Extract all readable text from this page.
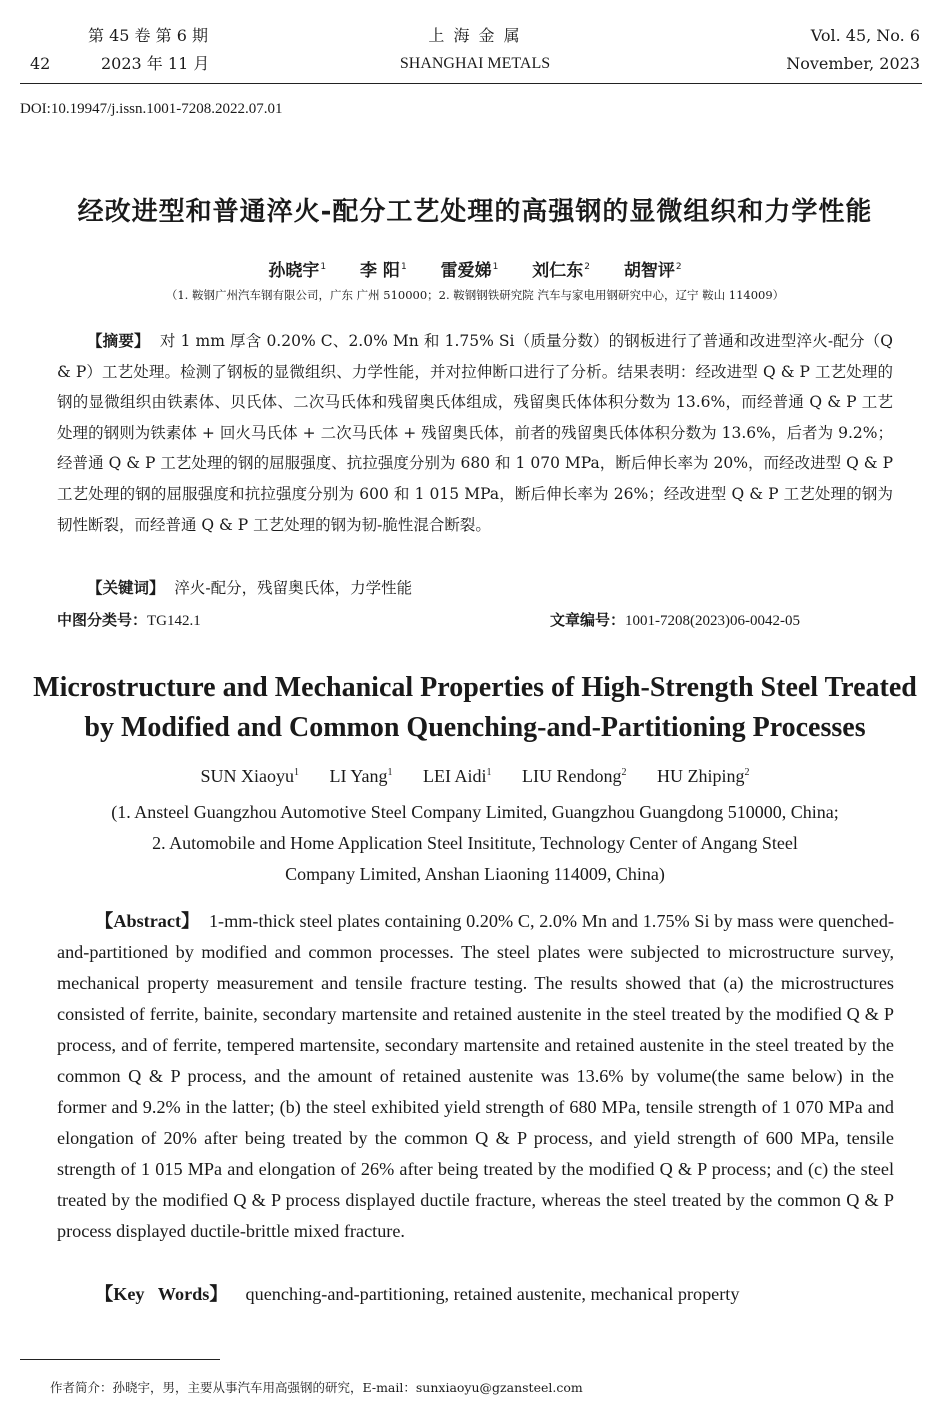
第 45 卷 第 6 期
42	2023 年 11 月
上 海 金 属
SHANGHAI METALS
Vol. 45, No. 6
November, 2023
DOI:10.19947/j.issn.1001-7208.2022.07.01
经改进型和普通淬火-配分工艺处理的高强钢的显微组织和力学性能
孙晓宇$^1$ 李 阳$^1$ 雷爱娣$^1$ 刘仁东$^2$ 胡智评$^2$
（1. 鞍钢广州汽车钢有限公司，广东 广州 510000；2. 鞍钢钢铁研究院 汽车与家电用钢研究中心，辽宁 鞍山 114009）
【摘要】 对 1 mm 厚含 0.20% C、2.0% Mn 和 1.75% Si（质量分数）的钢板进行了普通和改进型淬火-配分（Q & P）工艺处理。检测了钢板的显微组织、力学性能，并对拉伸断口进行了分析。结果表明：经改进型 Q & P 工艺处理的钢的显微组织由铁素体、贝氏体、二次马氏体和残留奥氏体组成，残留奥氏体体积分数为 13.6%，而经普通 Q & P 工艺处理的钢则为铁素体 + 回火马氏体 + 二次马氏体 + 残留奥氏体，前者的残留奥氏体体积分数为 13.6%，后者为 9.2%；经普通 Q & P 工艺处理的钢的屈服强度、抗拉强度分别为 680 和 1 070 MPa，断后伸长率为 20%，而经改进型 Q & P 工艺处理的钢的屈服强度和抗拉强度分别为 600 和 1 015 MPa，断后伸长率为 26%；经改进型 Q & P 工艺处理的钢为韧性断裂，而经普通 Q & P 工艺处理的钢为韧-脆性混合断裂。
【关键词】 淬火-配分，残留奥氏体，力学性能
中图分类号：TG142.1	文章编号：1001-7208(2023)06-0042-05
Microstructure and Mechanical Properties of High-Strength Steel Treated
by Modified and Common Quenching-and-Partitioning Processes
SUN Xiaoyu$^1$ LI Yang$^1$ LEI Aidi$^1$ LIU Rendong$^2$ HU Zhiping$^2$
(1. Ansteel Guangzhou Automotive Steel Company Limited, Guangzhou Guangdong 510000, China;
2. Automobile and Home Application Steel Insititute, Technology Center of Angang Steel
Company Limited, Anshan Liaoning 114009, China)
【Abstract】 1-mm-thick steel plates containing 0.20% C, 2.0% Mn and 1.75% Si by mass were quenched-and-partitioned by modified and common processes. The steel plates were subjected to microstructure survey, mechanical property measurement and tensile fracture testing. The results showed that (a) the microstructures consisted of ferrite, bainite, secondary martensite and retained austenite in the steel treated by the modified Q & P process, and of ferrite, tempered martensite, secondary martensite and retained austenite in the steel treated by the common Q & P process, and the amount of retained austenite was 13.6% by volume(the same below) in the former and 9.2% in the latter; (b) the steel exhibited yield strength of 680 MPa, tensile strength of 1 070 MPa and elongation of 20% after being treated by the common Q & P process, and yield strength of 600 MPa, tensile strength of 1 015 MPa and elongation of 26% after being treated by the modified Q & P process; and (c) the steel treated by the modified Q & P process displayed ductile fracture, whereas the steel treated by the common Q & P process displayed ductile-brittle mixed fracture.
【Key   Words】 quenching-and-partitioning, retained austenite, mechanical property
作者简介：孙晓宇，男，主要从事汽车用高强钢的研究，E-mail：sunxiaoyu@gzansteel.com
